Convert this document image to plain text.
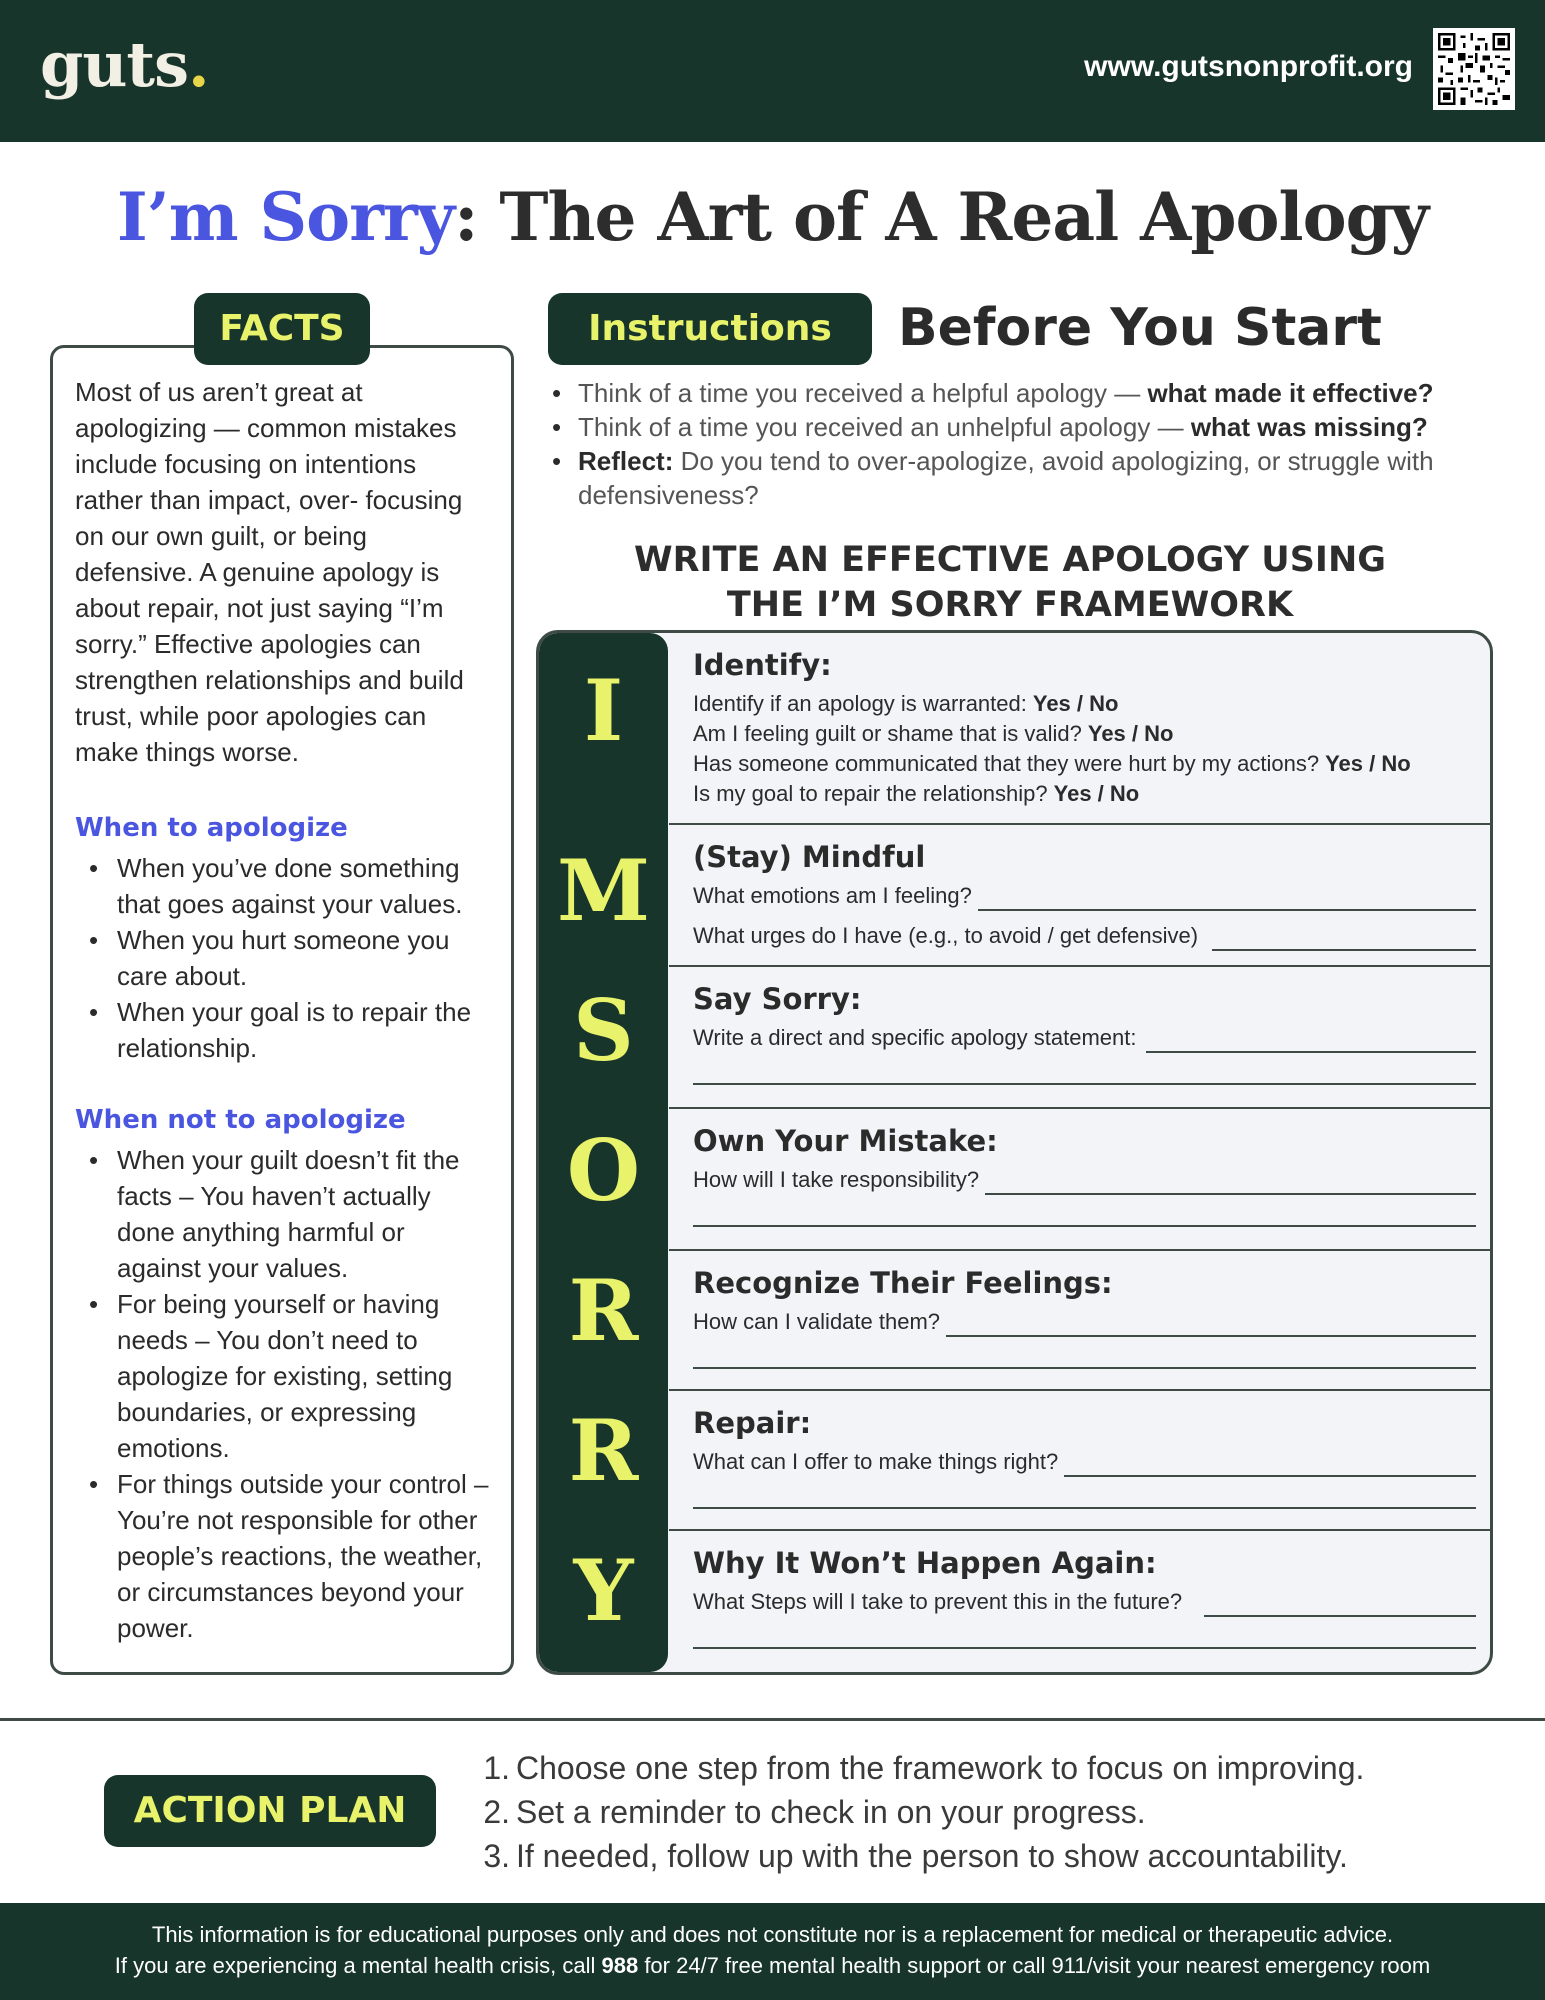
guts.	www.gutsnonprofit.org
I’m Sorry: The Art of A Real Apology
FACTS

Most of us aren’t great at apologizing — common mistakes include focusing on intentions rather than impact, over- focusing on our own guilt, or being defensive. A genuine apology is about repair, not just saying “I’m sorry.” Effective apologies can strengthen relationships and build trust, while poor apologies can make things worse.

When to apologize
• When you’ve done something that goes against your values.
• When you hurt someone you care about.
• When your goal is to repair the relationship.
When not to apologize
• When your guilt doesn’t fit the facts – You haven’t actually done anything harmful or against your values.
• For being yourself or having needs – You don’t need to apologize for existing, setting boundaries, or expressing emotions.
• For things outside your control – You’re not responsible for other people’s reactions, the weather, or circumstances beyond your power.
Instructions	Before You Start
• Think of a time you received a helpful apology — what made it effective?
• Think of a time you received an unhelpful apology — what was missing?
• Reflect: Do you tend to over-apologize, avoid apologizing, or struggle with defensiveness?
WRITE AN EFFECTIVE APOLOGY USING
THE I’M SORRY FRAMEWORK
I
M
S
O
R
R
Y
Identify:
Identify if an apology is warranted: Yes / No
Am I feeling guilt or shame that is valid? Yes / No
Has someone communicated that they were hurt by my actions? Yes / No
Is my goal to repair the relationship? Yes / No
(Stay) Mindful
What emotions am I feeling?
What urges do I have (e.g., to avoid / get defensive)
Say Sorry:
Write a direct and specific apology statement:
Own Your Mistake:
How will I take responsibility?
Recognize Their Feelings:
How can I validate them?
Repair:
What can I offer to make things right?
Why It Won’t Happen Again:
What Steps will I take to prevent this in the future?
ACTION PLAN
1. Choose one step from the framework to focus on improving.
2. Set a reminder to check in on your progress.
3. If needed, follow up with the person to show accountability.
This information is for educational purposes only and does not constitute nor is a replacement for medical or therapeutic advice.
If you are experiencing a mental health crisis, call 988 for 24/7 free mental health support or call 911/visit your nearest emergency room
